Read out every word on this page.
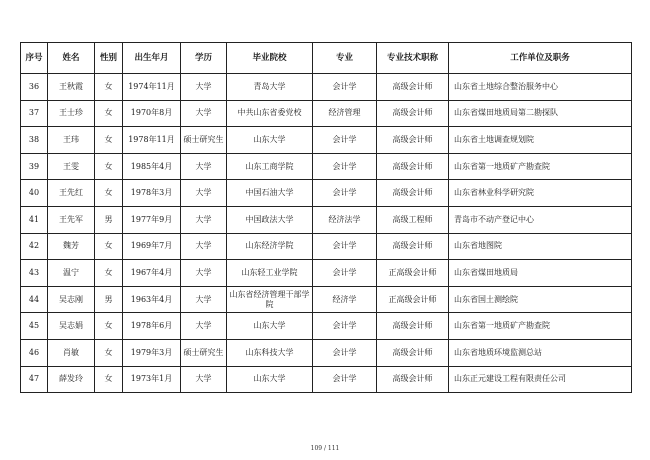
序号	姓名	性别	出生年月	学历	毕业院校	专业	专业技术职称	工作单位及职务
36	王秋霞	女	1974年11月	大学	青岛大学	会计学	高级会计师	山东省土地综合整治服务中心
37	王士珍	女	1970年8月	大学	中共山东省委党校	经济管理	高级会计师	山东省煤田地质局第二勘探队
38	王玮	女	1978年11月	硕士研究生	山东大学	会计学	高级会计师	山东省土地调查规划院
39	王雯	女	1985年4月	大学	山东工商学院	会计学	高级会计师	山东省第一地质矿产勘查院
40	王先红	女	1978年3月	大学	中国石油大学	会计学	高级会计师	山东省林业科学研究院
41	王先军	男	1977年9月	大学	中国政法大学	经济法学	高级工程师	青岛市不动产登记中心
42	魏芳	女	1969年7月	大学	山东经济学院	会计学	高级会计师	山东省地图院
43	温宁	女	1967年4月	大学	山东轻工业学院	会计学	正高级会计师	山东省煤田地质局
44	吴志刚	男	1963年4月	大学	山东省经济管理干部学院	经济学	正高级会计师	山东省国土测绘院
45	吴志娟	女	1978年6月	大学	山东大学	会计学	高级会计师	山东省第一地质矿产勘查院
46	肖敏	女	1979年3月	硕士研究生	山东科技大学	会计学	高级会计师	山东省地质环境监测总站
47	薛发玲	女	1973年1月	大学	山东大学	会计学	高级会计师	山东正元建设工程有限责任公司
109 / 111
